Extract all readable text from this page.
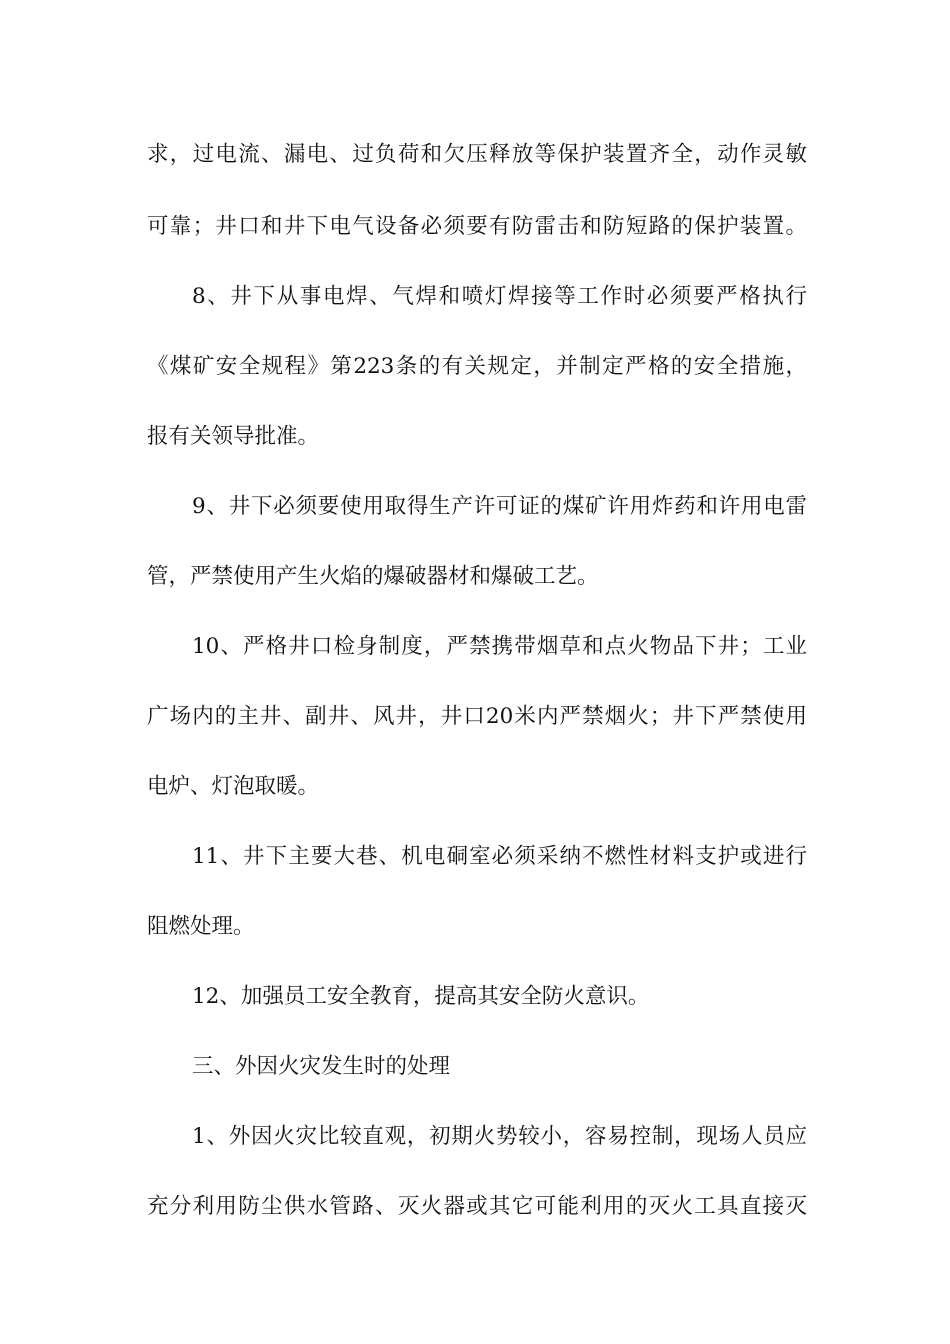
求，过电流、漏电、过负荷和欠压释放等保护装置齐全，动作灵敏
可靠；井口和井下电气设备必须要有防雷击和防短路的保护装置。
8、井下从事电焊、气焊和喷灯焊接等工作时必须要严格执行
《煤矿安全规程》第223条的有关规定，并制定严格的安全措施，
报有关领导批准。
9、井下必须要使用取得生产许可证的煤矿许用炸药和许用电雷
管，严禁使用产生火焰的爆破器材和爆破工艺。
10、严格井口检身制度，严禁携带烟草和点火物品下井；工业
广场内的主井、副井、风井，井口20米内严禁烟火；井下严禁使用
电炉、灯泡取暖。
11、井下主要大巷、机电硐室必须采纳不燃性材料支护或进行
阻燃处理。
12、加强员工安全教育，提高其安全防火意识。
三、外因火灾发生时的处理
1、外因火灾比较直观，初期火势较小，容易控制，现场人员应
充分利用防尘供水管路、灭火器或其它可能利用的灭火工具直接灭
